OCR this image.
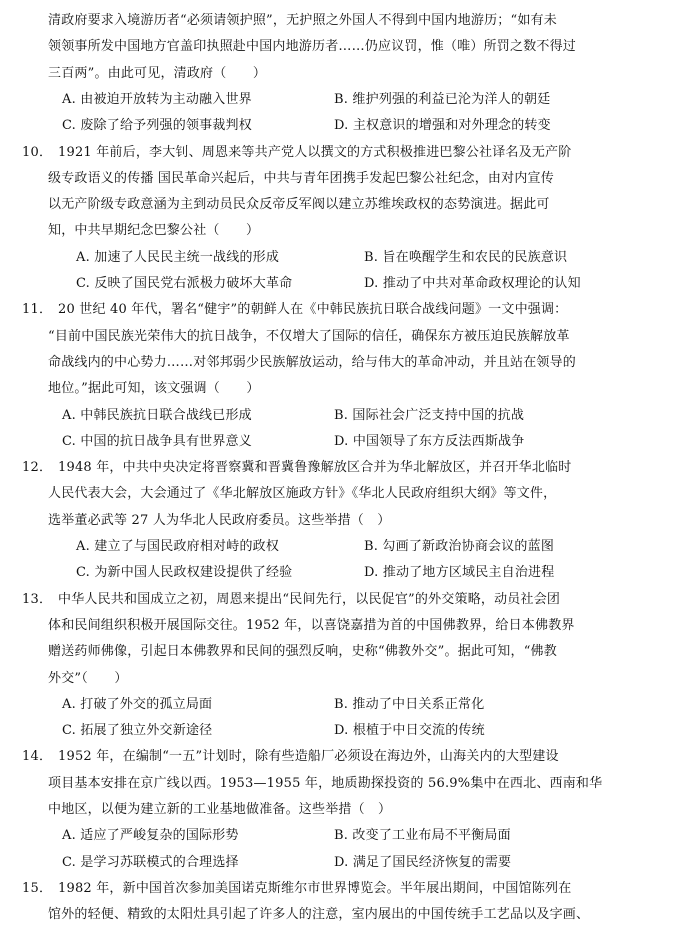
清政府要求入境游历者“必须请领护照”，无护照之外国人不得到中国内地游历；“如有未
领领事所发中国地方官盖印执照赴中国内地游历者……仍应议罚，惟（唯）所罚之数不得过
三百两”。由此可见，清政府（　　）
A. 由被迫开放转为主动融入世界	B. 维护列强的利益已沦为洋人的朝廷
C. 废除了给予列强的领事裁判权	D. 主权意识的增强和对外理念的转变
10． 1921 年前后，李大钊、周恩来等共产党人以撰文的方式积极推进巴黎公社译名及无产阶
级专政语义的传播 国民革命兴起后，中共与青年团携手发起巴黎公社纪念，由对内宣传
以无产阶级专政意涵为主到动员民众反帝反军阀以建立苏维埃政权的态势演进。据此可
知，中共早期纪念巴黎公社（　　）
A. 加速了人民民主统一战线的形成	B. 旨在唤醒学生和农民的民族意识
C. 反映了国民党右派极力破坏大革命	D. 推动了中共对革命政权理论的认知
11． 20 世纪 40 年代，署名“健宇”的朝鲜人在《中韩民族抗日联合战线问题》一文中强调：
“目前中国民族光荣伟大的抗日战争，不仅增大了国际的信任，确保东方被压迫民族解放革
命战线内的中心势力……对邻邦弱少民族解放运动，给与伟大的革命冲动，并且站在领导的
地位。”据此可知，该文强调（　　）
A. 中韩民族抗日联合战线已形成	B. 国际社会广泛支持中国的抗战
C. 中国的抗日战争具有世界意义	D. 中国领导了东方反法西斯战争
12． 1948 年，中共中央决定将晋察冀和晋冀鲁豫解放区合并为华北解放区，并召开华北临时
人民代表大会，大会通过了《华北解放区施政方针》《华北人民政府组织大纲》等文件，
选举董必武等 27 人为华北人民政府委员。这些举措（　）
A. 建立了与国民政府相对峙的政权	B. 勾画了新政治协商会议的蓝图
C. 为新中国人民政权建设提供了经验	D. 推动了地方区域民主自治进程
13． 中华人民共和国成立之初，周恩来提出“民间先行，以民促官”的外交策略，动员社会团
体和民间组织积极开展国际交往。1952 年，以喜饶嘉措为首的中国佛教界，给日本佛教界
赠送药师佛像，引起日本佛教界和民间的强烈反响，史称“佛教外交”。据此可知，“佛教
外交”（　　）
A. 打破了外交的孤立局面	B. 推动了中日关系正常化
C. 拓展了独立外交新途径	D. 根植于中日交流的传统
14． 1952 年，在编制“一五”计划时，除有些造船厂必须设在海边外，山海关内的大型建设
项目基本安排在京广线以西。1953—1955 年，地质勘探投资的 56.9%集中在西北、西南和华
中地区，以便为建立新的工业基地做准备。这些举措（　）
A. 适应了严峻复杂的国际形势	B. 改变了工业布局不平衡局面
C. 是学习苏联模式的合理选择	D. 满足了国民经济恢复的需要
15． 1982 年，新中国首次参加美国诺克斯维尔市世界博览会。半年展出期间，中国馆陈列在
馆外的轻便、精致的太阳灶具引起了许多人的注意，室内展出的中国传统手工艺品以及字画、
